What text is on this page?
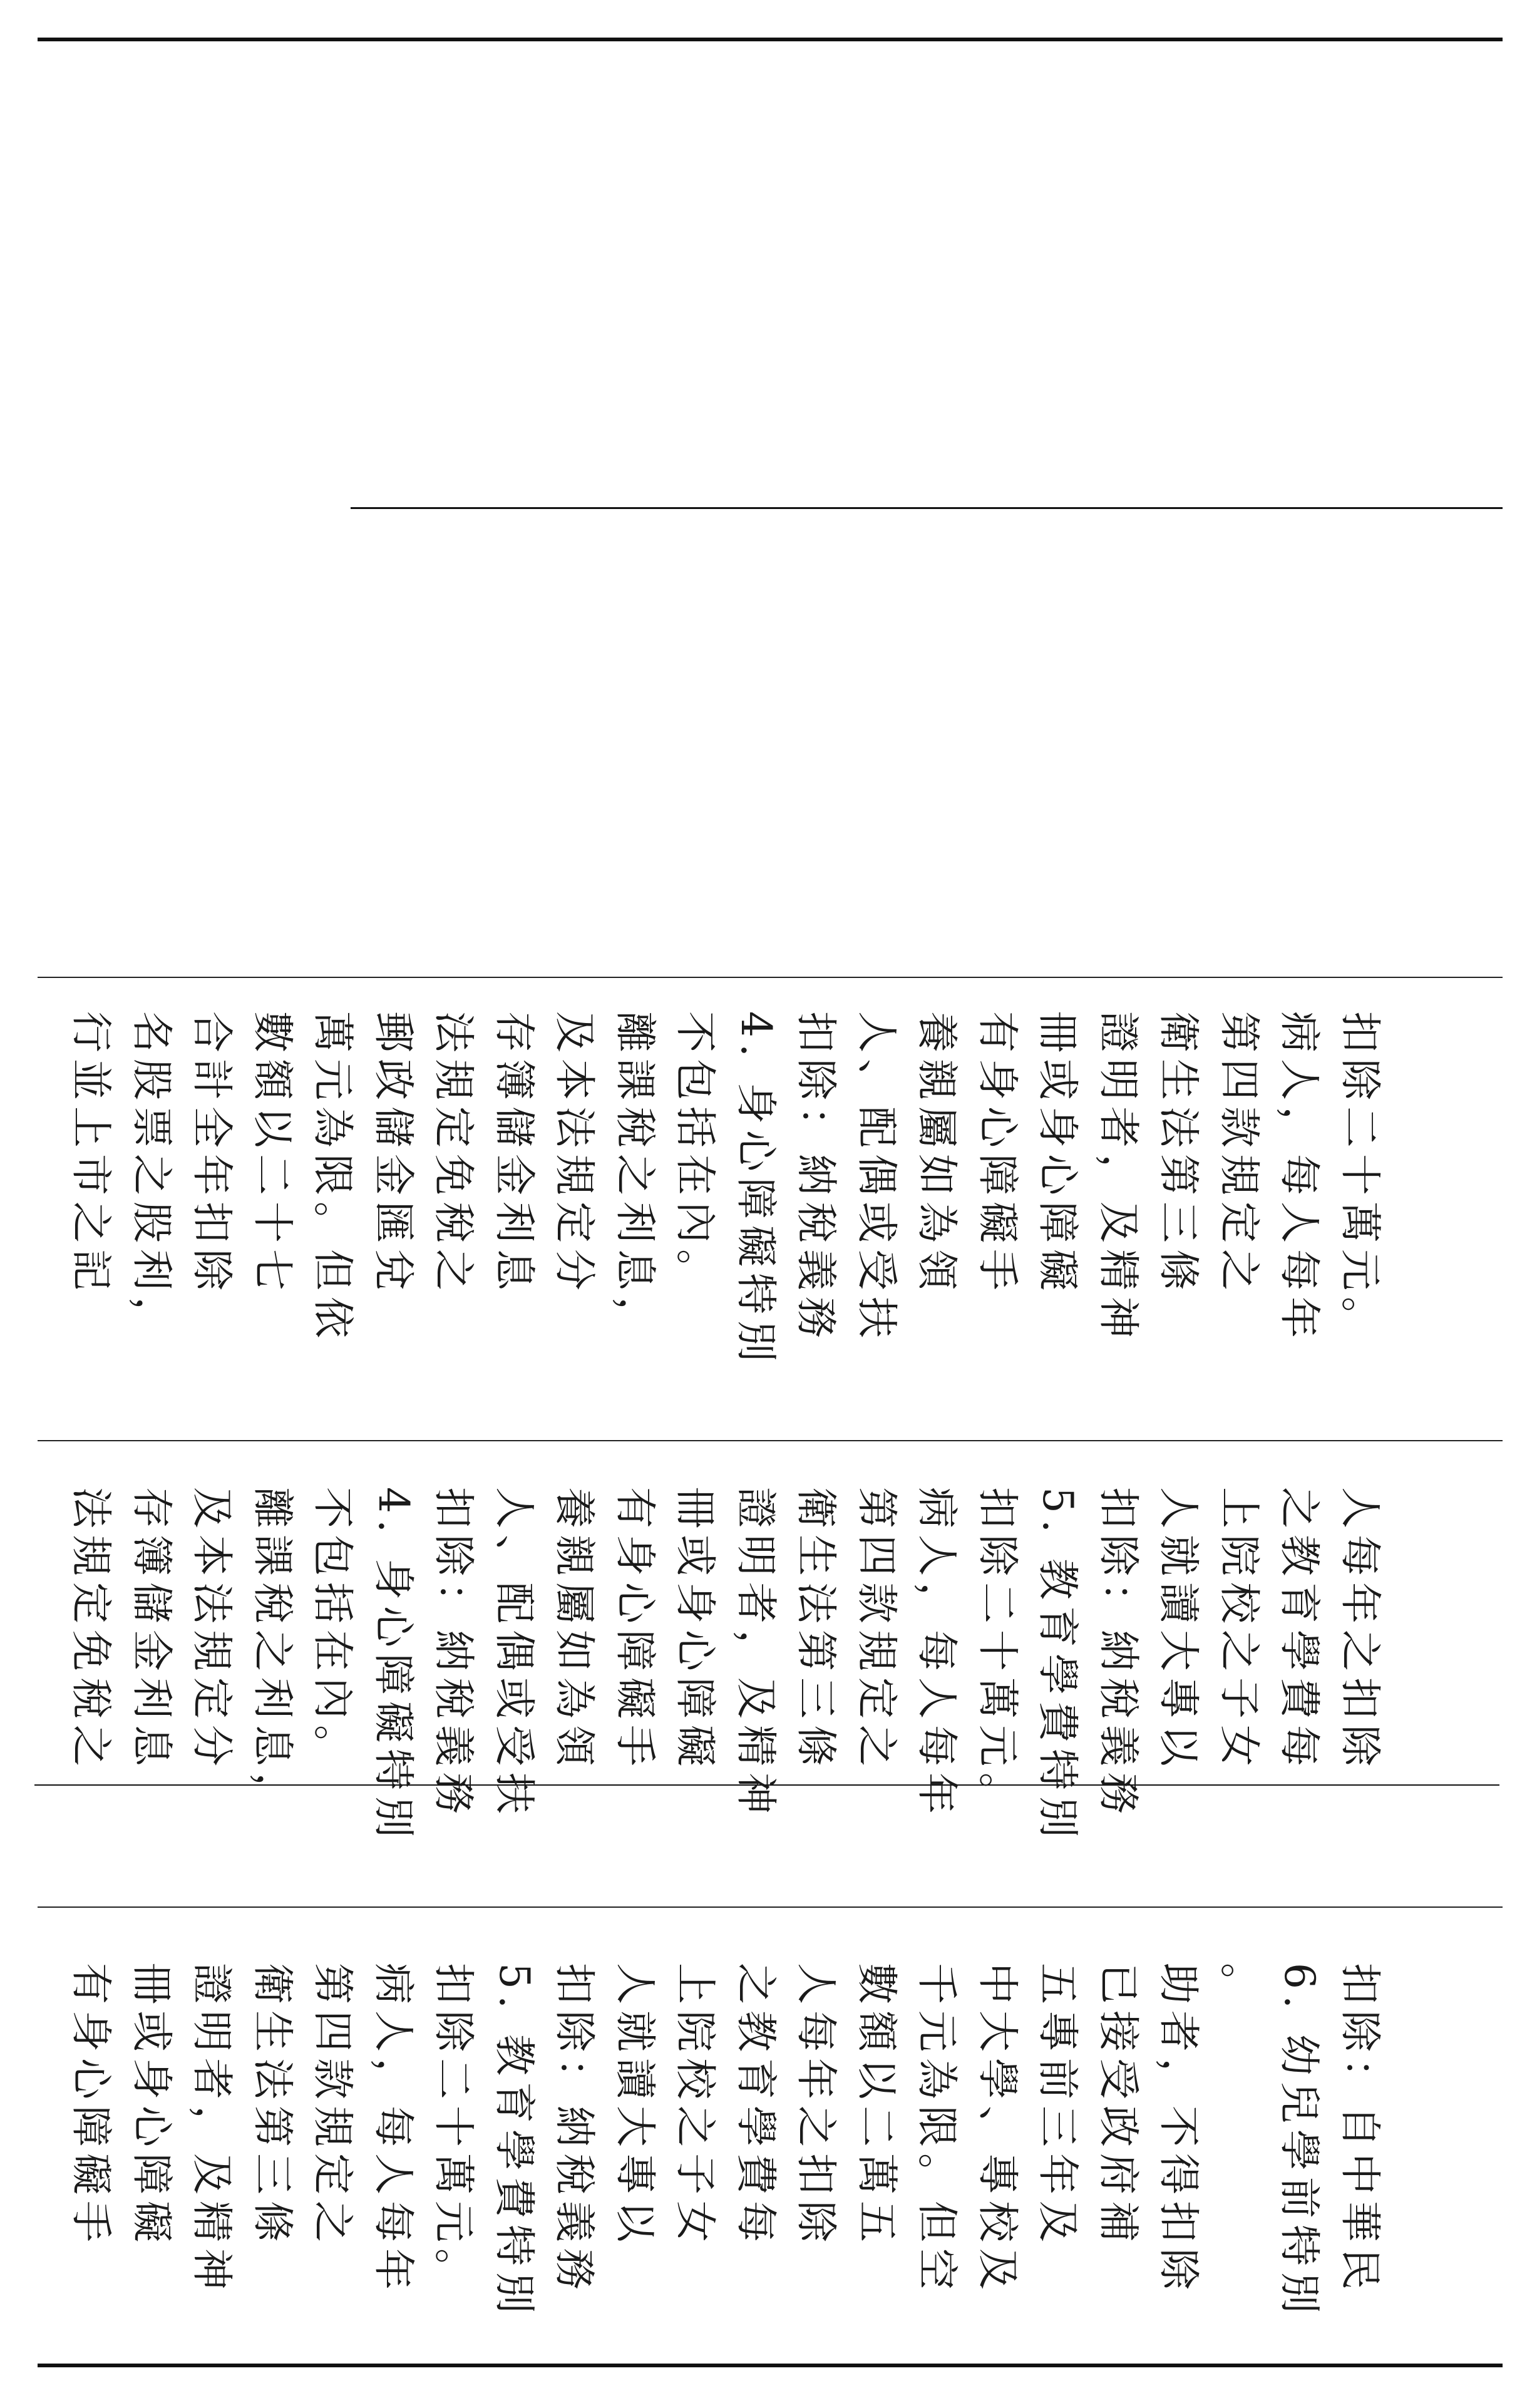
有身心障礙手 冊或身心障礙 證明者，及精神 衛生法第三條 第四款規定之 病人，每人每年 扣除二十萬元。 5. 教育學費特別 扣除：納稅義務 人就讀大專以 上院校之子女 之教育學費每 人每年之扣除 數額以二萬五 千元為限。但空 中大學、專校及 五專前三年及 已接受政府補 助者，不得扣除 。 6. 幼兒學前特別 扣除：自中華民
法規定免稅之 存簿儲金利息 及本法規定分 離課稅之利息， 不包括在內。 4. 身心障礙特別 扣除：納稅義務 人、配偶或受扶 養親屬如為領 有身心障礙手 冊或身心障礙 證明者，及精神 衛生法第三條 第四款規定之 病人，每人每年 扣除二十萬元。 5. 教育學費特別 扣除：納稅義務 人就讀大專以 上院校之子女 之教育學費每 人每年之扣除
行並上市之記 名股票之股利， 合計全年扣除 數額以二十七 萬元為限。但依 郵政儲金匯兌 法規定免稅之 存簿儲金利息 及本法規定分 離課稅之利息， 不包括在內。 4. 身心障礙特別 扣除：納稅義務 人、配偶或受扶 養親屬如為領 有身心障礙手 冊或身心障礙 證明者，及精神 衛生法第三條 第四款規定之 病人，每人每年 扣除二十萬元。
